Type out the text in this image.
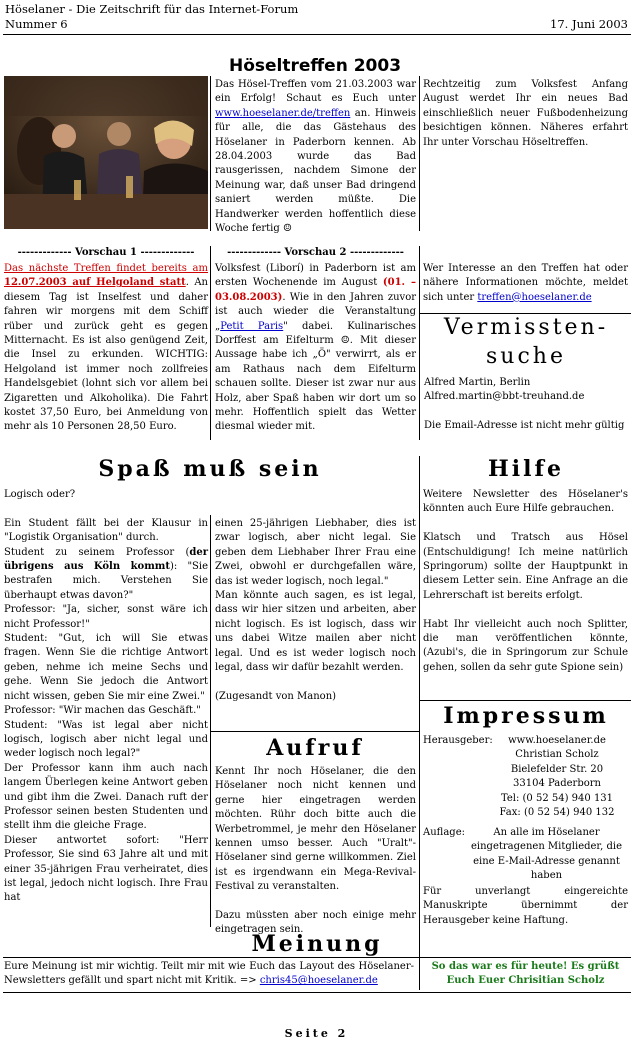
Höselaner - Die Zeitschrift für das Internet-Forum
Nummer 6	17. Juni 2003
Höseltreffen 2003
Das Hösel-Treffen vom 21.03.2003 war ein Erfolg! Schaut es Euch unter www.hoeselaner.de/treffen an. Hinweis für alle, die das Gästehaus des Höselaner in Paderborn kennen. Ab 28.04.2003 wurde das Bad rausgerissen, nachdem Simone der Meinung war, daß unser Bad dringend saniert werden müßte. Die Handwerker werden hoffentlich diese Woche fertig ☺
Rechtzeitig zum Volksfest Anfang August werdet Ihr ein neues Bad einschließlich neuer Fußbodenheizung besichtigen können. Näheres erfahrt Ihr unter Vorschau Höseltreffen.
------------- Vorschau 1 -------------
Das nächste Treffen findet bereits am 12.07.2003 auf Helgoland statt. An diesem Tag ist Inselfest und daher fahren wir morgens mit dem Schiff rüber und zurück geht es gegen Mitternacht. Es ist also genügend Zeit, die Insel zu erkunden. WICHTIG: Helgoland ist immer noch zollfreies Handelsgebiet (lohnt sich vor allem bei Zigaretten und Alkoholika). Die Fahrt kostet 37,50 Euro, bei Anmeldung von mehr als 10 Personen 28,50 Euro.
------------- Vorschau 2 -------------
Volksfest (Liborí) in Paderborn ist am ersten Wochenende im August (01. – 03.08.2003). Wie in den Jahren zuvor ist auch wieder die Veranstaltung „Petit Paris" dabei. Kulinarisches Dorffest am Eifelturm ☺. Mit dieser Aussage habe ich „Ö" verwirrt, als er am Rathaus nach dem Eifelturm schauen sollte. Dieser ist zwar nur aus Holz, aber Spaß haben wir dort um so mehr. Hoffentlich spielt das Wetter diesmal wieder mit.
Wer Interesse an den Treffen hat oder nähere Informationen möchte, meldet sich unter treffen@hoeselaner.de
Vermissten-
suche
Alfred Martin, Berlin
Alfred.martin@bbt-treuhand.de
Die Email-Adresse ist nicht mehr gültig
Spaß muß sein

Logisch oder?

Ein Student fällt bei der Klausur in "Logistik Organisation" durch.

Student zu seinem Professor (der übrigens aus Köln kommt): "Sie bestrafen mich. Verstehen Sie überhaupt etwas davon?"

Professor: "Ja, sicher, sonst wäre ich nicht Professor!"

Student: "Gut, ich will Sie etwas fragen. Wenn Sie die richtige Antwort geben, nehme ich meine Sechs und gehe. Wenn Sie jedoch die Antwort nicht wissen, geben Sie mir eine Zwei."

Professor: "Wir machen das Geschäft."

Student: "Was ist legal aber nicht logisch, logisch aber nicht legal und weder logisch noch legal?"

Der Professor kann ihm auch nach langem Überlegen keine Antwort geben und gibt ihm die Zwei. Danach ruft der Professor seinen besten Studenten und stellt ihm die gleiche Frage.

Dieser antwortet sofort: "Herr Professor, Sie sind 63 Jahre alt und mit einer 35-jährigen Frau verheiratet, dies ist legal, jedoch nicht logisch. Ihre Frau hat

einen 25-jährigen Liebhaber, dies ist zwar logisch, aber nicht legal. Sie geben dem Liebhaber Ihrer Frau eine Zwei, obwohl er durchgefallen wäre, das ist weder logisch, noch legal."

Man könnte auch sagen, es ist legal, dass wir hier sitzen und arbeiten, aber nicht logisch. Es ist logisch, dass wir uns dabei Witze mailen aber nicht legal. Und es ist weder logisch noch legal, dass wir dafür bezahlt werden.

(Zugesandt von Manon)

Hilfe

Weitere Newsletter des Höselaner's könnten auch Eure Hilfe gebrauchen.

Klatsch und Tratsch aus Hösel (Entschuldigung! Ich meine natürlich Springorum) sollte der Hauptpunkt in diesem Letter sein. Eine Anfrage an die Lehrerschaft ist bereits erfolgt.

Habt Ihr vielleicht auch noch Splitter, die man veröffentlichen könnte, (Azubi's, die in Springorum zur Schule gehen, sollen da sehr gute Spione sein)

Aufruf

Kennt Ihr noch Höselaner, die den Höselaner noch nicht kennen und gerne hier eingetragen werden möchten. Rühr doch bitte auch die Werbetrommel, je mehr den Höselaner kennen umso besser. Auch "Uralt"-Höselaner sind gerne willkommen. Ziel ist es irgendwann ein Mega-Revival-Festival zu veranstalten.

Dazu müssten aber noch einige mehr eingetragen sein.

Impressum
Herausgeber:	www.hoeselaner.de
Christian Scholz
Bielefelder Str. 20
33104 Paderborn
Tel: (0 52 54) 940 131
Fax: (0 52 54) 940 132
Auflage:	An alle im Höselaner eingetragenen Mitglieder, die eine E-Mail-Adresse genannt haben
Für unverlangt eingereichte Manuskripte übernimmt der Herausgeber keine Haftung.
Meinung
Eure Meinung ist mir wichtig. Teilt mir mit wie Euch das Layout des Höselaner-Newsletters gefällt und spart nicht mit Kritik. => chris45@hoeselaner.de
So das war es für heute! Es grüßt
Euch Euer Chrisitian Scholz
Seite 2
